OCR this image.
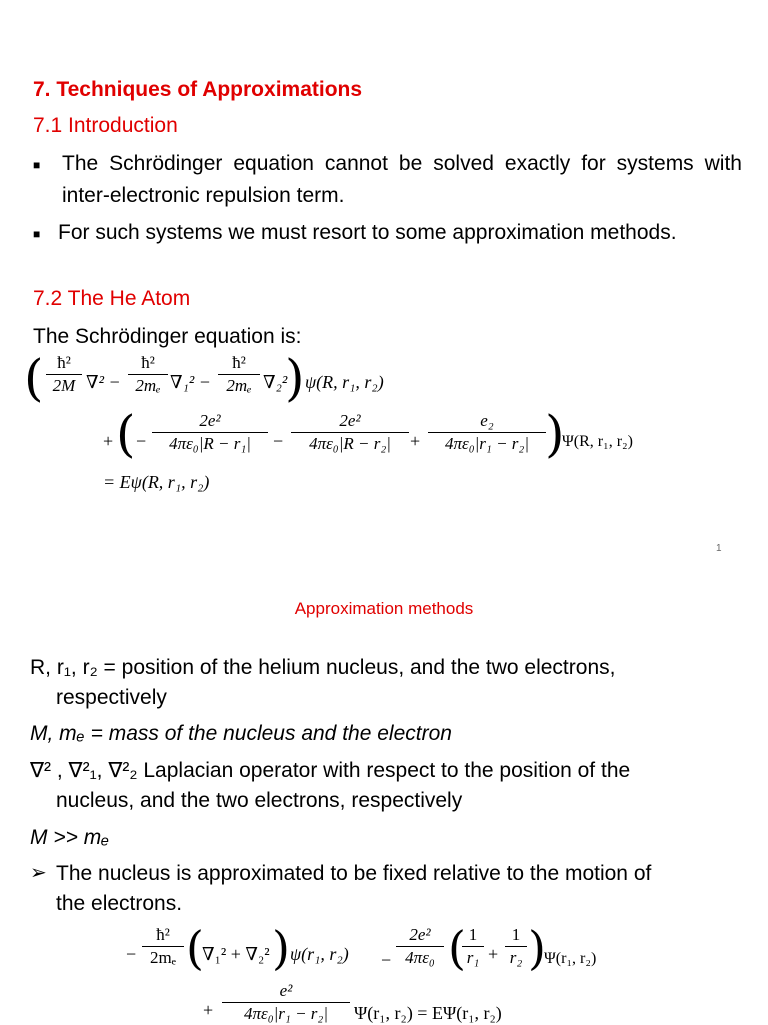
7. Techniques of Approximations
7.1 Introduction
■ The Schrödinger equation cannot be solved exactly for systems with inter-electronic repulsion term.
■ For such systems we must resort to some approximation methods.
7.2 The He Atom
The Schrödinger equation is:
( $\frac{\text{ħ²}}{2M} \nabla^2 - \frac{\text{ħ²}}{\text{2mₑ}} \nabla_1^2 - \frac{\text{ħ²}}{\text{2mₑ}} \nabla_2^2$
) ψ(R, r₁, r₂)
+ ( − $\frac{\text{2e²}}{\text{4πε₀|R − r₁|}} - \frac{\text{2e²}}{\text{4πε₀|R − r₂|}} + \frac{\text{e₂}}{\text{4πε₀|r₁ − r₂|}}$ )
Ψ(R, r₁, r₂)
= Eψ(R, r₁, r₂)
1
Approximation methods
R, r₁, r₂ = position of the helium nucleus, and the two electrons,
respectively
M, mₑ = mass of the nucleus and the electron
∇² , ∇²₁, ∇²₂ Laplacian operator with respect to the position of the
nucleus, and the two electrons, respectively
M >> mₑ
➢ The nucleus is approximated to be fixed relative to the motion of
the electrons.
− $\frac{\text{ħ²}}{\text{2mₑ}}$ (
∇₁² + ∇₂² ) ψ(r₁, $r_2) - \frac{\text{2e²}}{\text{4πε₀}}$ (
$\frac{1}{\text{r₁}} + \frac{1}{\text{r₂}}$ )
Ψ(r₁, r₂)
+ $\frac{\text{e²}}{\text{4πε₀|r₁ − r₂|}} \Psi(r_1$, r₂) = EΨ(r₁, r₂)
